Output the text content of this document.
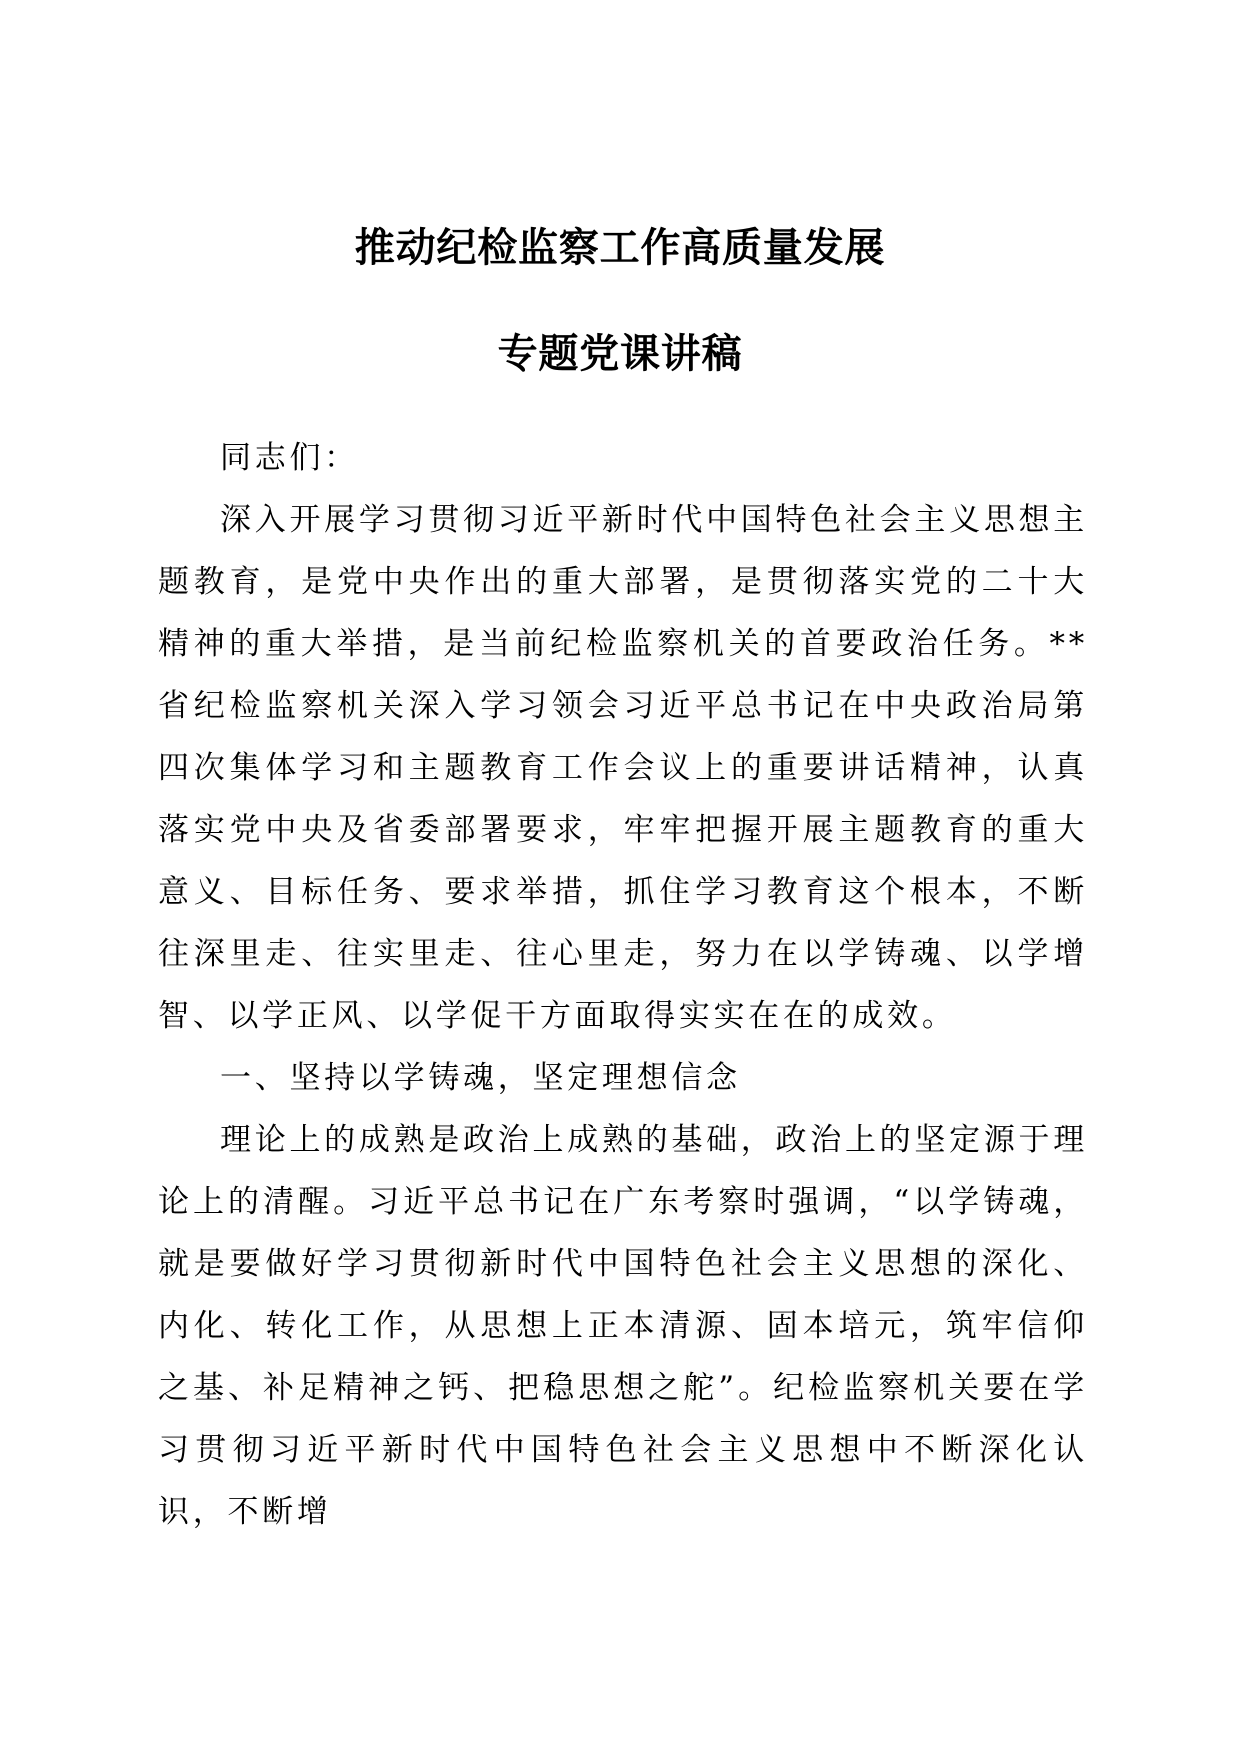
推动纪检监察工作高质量发展
专题党课讲稿

同志们：

深入开展学习贯彻习近平新时代中国特色社会主义思想主题教育，是党中央作出的重大部署，是贯彻落实党的二十大精神的重大举措，是当前纪检监察机关的首要政治任务。**省纪检监察机关深入学习领会习近平总书记在中央政治局第四次集体学习和主题教育工作会议上的重要讲话精神，认真落实党中央及省委部署要求，牢牢把握开展主题教育的重大意义、目标任务、要求举措，抓住学习教育这个根本，不断往深里走、往实里走、往心里走，努力在以学铸魂、以学增智、以学正风、以学促干方面取得实实在在的成效。

一、坚持以学铸魂，坚定理想信念

理论上的成熟是政治上成熟的基础，政治上的坚定源于理论上的清醒。习近平总书记在广东考察时强调，“以学铸魂，就是要做好学习贯彻新时代中国特色社会主义思想的深化、内化、转化工作，从思想上正本清源、固本培元，筑牢信仰之基、补足精神之钙、把稳思想之舵”。纪检监察机关要在学习贯彻习近平新时代中国特色社会主义思想中不断深化认识，不断增
